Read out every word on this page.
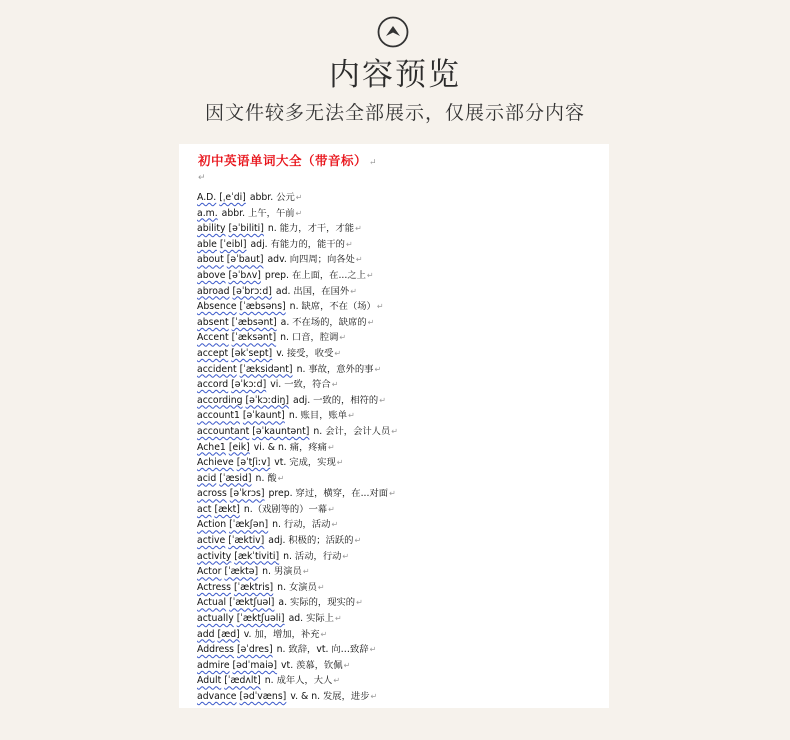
内容预览
因文件较多无法全部展示，仅展示部分内容
初中英语单词大全（带音标） ↵
↵
A.D. [ˌeˈdi] abbr. 公元↵
a.m. abbr. 上午，午前↵
ability [əˈbiliti] n. 能力，才干，才能↵
able [ˈeibl] adj. 有能力的，能干的↵
about [əˈbaut] adv. 向四周；向各处↵
above [əˈbʌv] prep. 在上面，在...之上↵
abroad [əˈbrɔːd] ad. 出国，在国外↵
Absence [ˈæbsəns] n. 缺席，不在（场）↵
absent [ˈæbsənt] a. 不在场的，缺席的↵
Accent [ˈæksənt] n. 口音，腔调↵
accept [əkˈsept] v. 接受，收受↵
accident [ˈæksidənt] n. 事故，意外的事↵
accord [əˈkɔːd] vi. 一致，符合↵
according [əˈkɔːdiŋ] adj. 一致的，相符的↵
account1 [əˈkaunt] n. 账目，账单↵
accountant [əˈkauntənt] n. 会计，会计人员↵
Ache1 [eik] vi. & n. 痛，疼痛↵
Achieve [əˈtʃiːv] vt. 完成，实现↵
acid [ˈæsid] n. 酸↵
across [əˈkrɔs] prep. 穿过，横穿，在...对面↵
act [ækt] n.（戏剧等的）一幕↵
Action [ˈækʃən] n. 行动，活动↵
active [ˈæktiv] adj. 积极的；活跃的↵
activity [ækˈtiviti] n. 活动，行动↵
Actor [ˈæktə] n. 男演员↵
Actress [ˈæktris] n. 女演员↵
Actual [ˈæktʃuəl] a. 实际的，现实的↵
actually [ˈæktʃuəli] ad. 实际上↵
add [æd] v. 加，增加，补充↵
Address [əˈdres] n. 致辞，vt. 向…致辞↵
admire [ədˈmaiə] vt. 羡慕，钦佩↵
Adult [ˈædʌlt] n. 成年人，大人↵
advance [ədˈvæns] v. & n. 发展，进步↵
